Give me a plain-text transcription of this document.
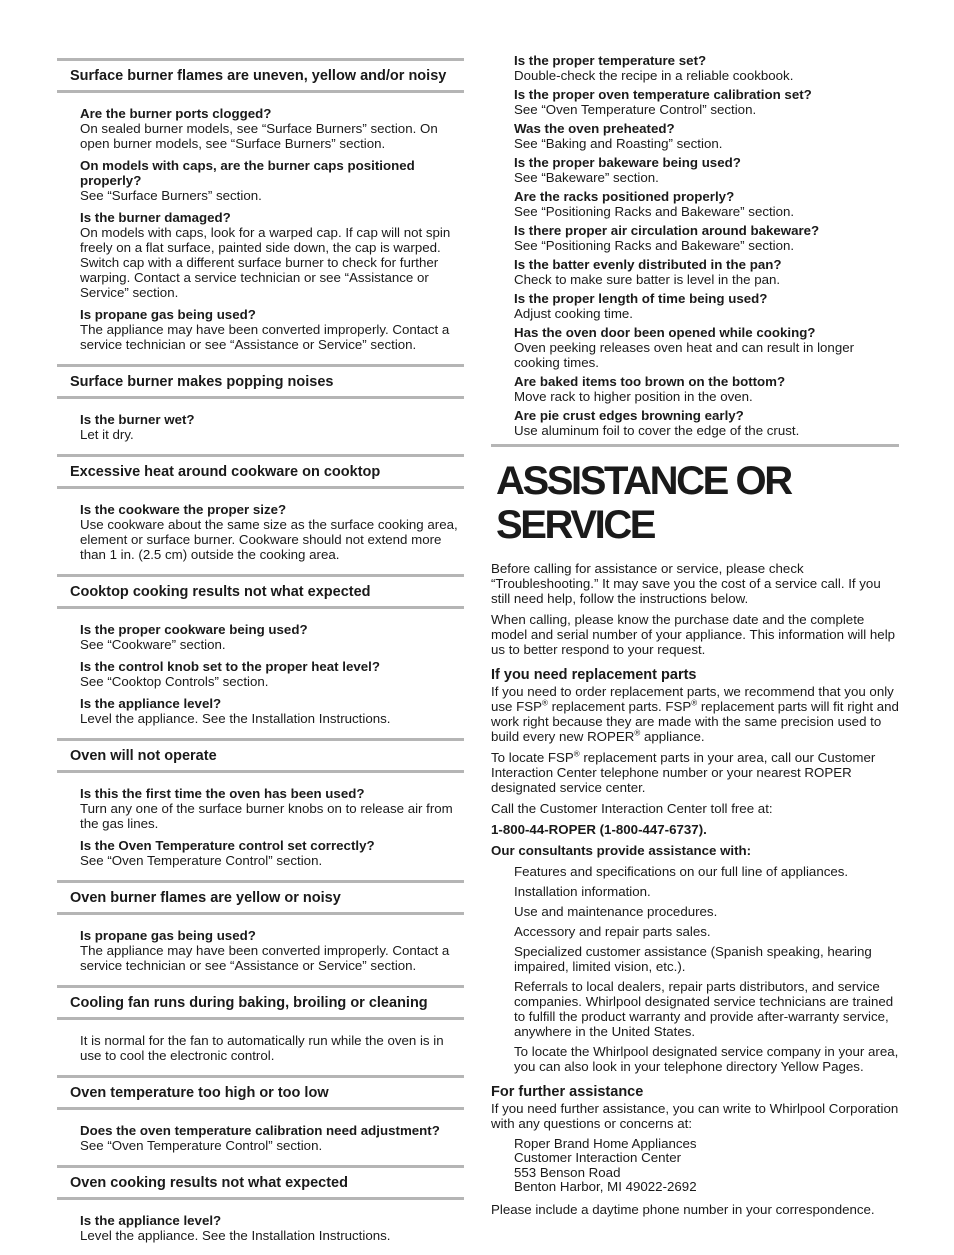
Surface burner flames are uneven, yellow and/or noisy
Are the burner ports clogged?
On sealed burner models, see “Surface Burners” section. On open burner models, see “Surface Burners” section.
On models with caps, are the burner caps positioned properly?
See “Surface Burners” section.
Is the burner damaged?
On models with caps, look for a warped cap. If cap will not spin freely on a flat surface, painted side down, the cap is warped. Switch cap with a different surface burner to check for further warping. Contact a service technician or see “Assistance or Service” section.
Is propane gas being used?
The appliance may have been converted improperly. Contact a service technician or see “Assistance or Service” section.
Surface burner makes popping noises
Is the burner wet?
Let it dry.
Excessive heat around cookware on cooktop
Is the cookware the proper size?
Use cookware about the same size as the surface cooking area, element or surface burner. Cookware should not extend more than 1 in. (2.5 cm) outside the cooking area.
Cooktop cooking results not what expected
Is the proper cookware being used?
See “Cookware” section.
Is the control knob set to the proper heat level?
See “Cooktop Controls” section.
Is the appliance level?
Level the appliance. See the Installation Instructions.
Oven will not operate
Is this the first time the oven has been used?
Turn any one of the surface burner knobs on to release air from the gas lines.
Is the Oven Temperature control set correctly?
See “Oven Temperature Control” section.
Oven burner flames are yellow or noisy
Is propane gas being used?
The appliance may have been converted improperly. Contact a service technician or see “Assistance or Service” section.
Cooling fan runs during baking, broiling or cleaning
It is normal for the fan to automatically run while the oven is in use to cool the electronic control.
Oven temperature too high or too low
Does the oven temperature calibration need adjustment?
See “Oven Temperature Control” section.
Oven cooking results not what expected
Is the appliance level?
Level the appliance. See the Installation Instructions.
Is the proper temperature set?
Double-check the recipe in a reliable cookbook.
Is the proper oven temperature calibration set?
See “Oven Temperature Control” section.
Was the oven preheated?
See “Baking and Roasting” section.
Is the proper bakeware being used?
See “Bakeware” section.
Are the racks positioned properly?
See “Positioning Racks and Bakeware” section.
Is there proper air circulation around bakeware?
See “Positioning Racks and Bakeware” section.
Is the batter evenly distributed in the pan?
Check to make sure batter is level in the pan.
Is the proper length of time being used?
Adjust cooking time.
Has the oven door been opened while cooking?
Oven peeking releases oven heat and can result in longer cooking times.
Are baked items too brown on the bottom?
Move rack to higher position in the oven.
Are pie crust edges browning early?
Use aluminum foil to cover the edge of the crust.
ASSISTANCE OR SERVICE
Before calling for assistance or service, please check “Troubleshooting.” It may save you the cost of a service call. If you still need help, follow the instructions below.
When calling, please know the purchase date and the complete model and serial number of your appliance. This information will help us to better respond to your request.
If you need replacement parts
If you need to order replacement parts, we recommend that you only use FSP® replacement parts. FSP® replacement parts will fit right and work right because they are made with the same precision used to build every new ROPER® appliance.
To locate FSP® replacement parts in your area, call our Customer Interaction Center telephone number or your nearest ROPER designated service center.
Call the Customer Interaction Center toll free at:
1-800-44-ROPER (1-800-447-6737).
Our consultants provide assistance with:
Features and specifications on our full line of appliances.
Installation information.
Use and maintenance procedures.
Accessory and repair parts sales.
Specialized customer assistance (Spanish speaking, hearing impaired, limited vision, etc.).
Referrals to local dealers, repair parts distributors, and service companies. Whirlpool designated service technicians are trained to fulfill the product warranty and provide after-warranty service, anywhere in the United States.
To locate the Whirlpool designated service company in your area, you can also look in your telephone directory Yellow Pages.
For further assistance
If you need further assistance, you can write to Whirlpool Corporation with any questions or concerns at:
Roper Brand Home Appliances
Customer Interaction Center
553 Benson Road
Benton Harbor, MI 49022-2692
Please include a daytime phone number in your correspondence.
